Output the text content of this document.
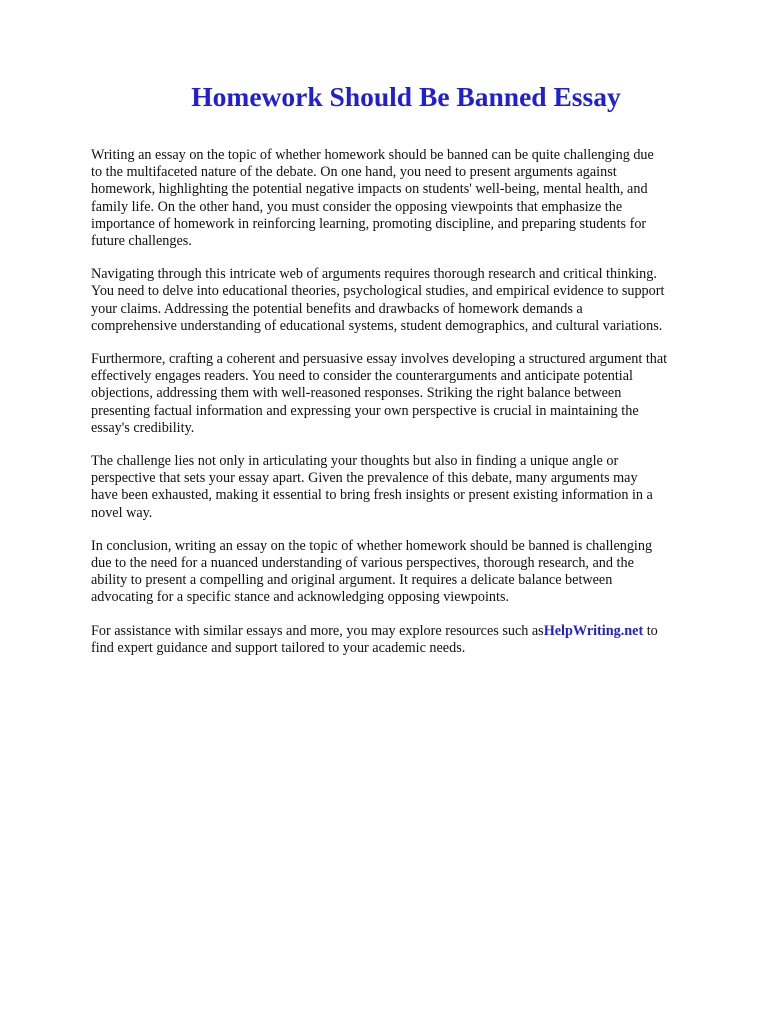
Homework Should Be Banned Essay

Writing an essay on the topic of whether homework should be banned can be quite challenging due
to the multifaceted nature of the debate. On one hand, you need to present arguments against
homework, highlighting the potential negative impacts on students' well-being, mental health, and
family life. On the other hand, you must consider the opposing viewpoints that emphasize the
importance of homework in reinforcing learning, promoting discipline, and preparing students for
future challenges.

Navigating through this intricate web of arguments requires thorough research and critical thinking.
You need to delve into educational theories, psychological studies, and empirical evidence to support
your claims. Addressing the potential benefits and drawbacks of homework demands a
comprehensive understanding of educational systems, student demographics, and cultural variations.

Furthermore, crafting a coherent and persuasive essay involves developing a structured argument that
effectively engages readers. You need to consider the counterarguments and anticipate potential
objections, addressing them with well-reasoned responses. Striking the right balance between
presenting factual information and expressing your own perspective is crucial in maintaining the
essay's credibility.

The challenge lies not only in articulating your thoughts but also in finding a unique angle or
perspective that sets your essay apart. Given the prevalence of this debate, many arguments may
have been exhausted, making it essential to bring fresh insights or present existing information in a
novel way.

In conclusion, writing an essay on the topic of whether homework should be banned is challenging
due to the need for a nuanced understanding of various perspectives, thorough research, and the
ability to present a compelling and original argument. It requires a delicate balance between
advocating for a specific stance and acknowledging opposing viewpoints.

For assistance with similar essays and more, you may explore resources such asHelpWriting.net to
find expert guidance and support tailored to your academic needs.
